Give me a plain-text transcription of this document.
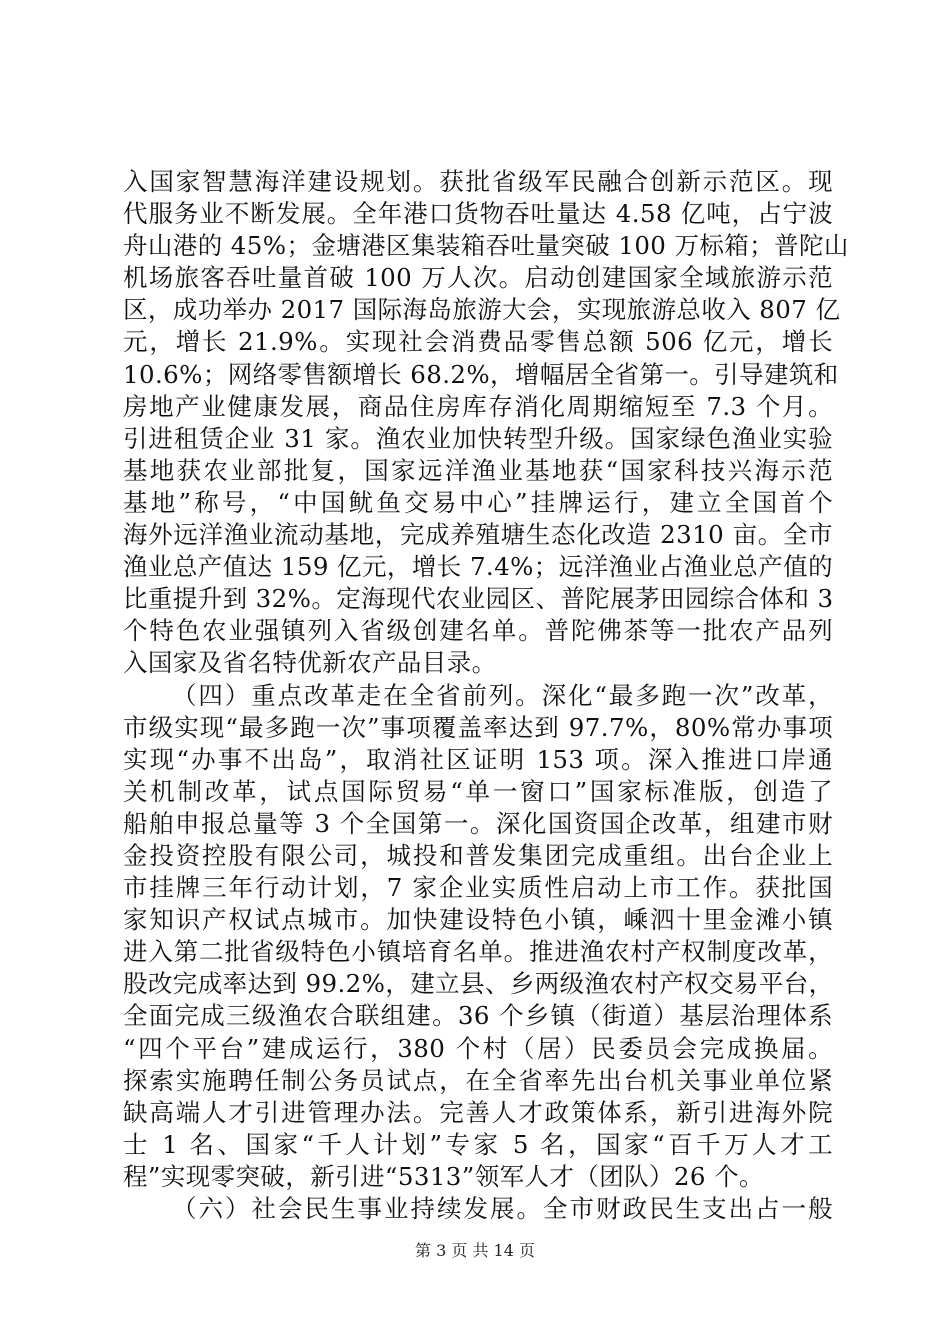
入国家智慧海洋建设规划。获批省级军民融合创新示范区。现
代服务业不断发展。全年港口货物吞吐量达 4.58 亿吨，占宁波
舟山港的 45%；金塘港区集装箱吞吐量突破 100 万标箱；普陀山
机场旅客吞吐量首破 100 万人次。启动创建国家全域旅游示范
区，成功举办 2017 国际海岛旅游大会，实现旅游总收入 807 亿
元，增长 21.9%。实现社会消费品零售总额 506 亿元，增长
10.6%；网络零售额增长 68.2%，增幅居全省第一。引导建筑和
房地产业健康发展，商品住房库存消化周期缩短至 7.3 个月。
引进租赁企业 31 家。渔农业加快转型升级。国家绿色渔业实验
基地获农业部批复，国家远洋渔业基地获“国家科技兴海示范
基地”称号，“中国鱿鱼交易中心”挂牌运行，建立全国首个
海外远洋渔业流动基地，完成养殖塘生态化改造 2310 亩。全市
渔业总产值达 159 亿元，增长 7.4%；远洋渔业占渔业总产值的
比重提升到 32%。定海现代农业园区、普陀展茅田园综合体和 3
个特色农业强镇列入省级创建名单。普陀佛茶等一批农产品列
入国家及省名特优新农产品目录。
（四）重点改革走在全省前列。深化“最多跑一次”改革，
市级实现“最多跑一次”事项覆盖率达到 97.7%，80%常办事项
实现“办事不出岛”，取消社区证明 153 项。深入推进口岸通
关机制改革，试点国际贸易“单一窗口”国家标准版，创造了
船舶申报总量等 3 个全国第一。深化国资国企改革，组建市财
金投资控股有限公司，城投和普发集团完成重组。出台企业上
市挂牌三年行动计划，7 家企业实质性启动上市工作。获批国
家知识产权试点城市。加快建设特色小镇，嵊泗十里金滩小镇
进入第二批省级特色小镇培育名单。推进渔农村产权制度改革，
股改完成率达到 99.2%，建立县、乡两级渔农村产权交易平台，
全面完成三级渔农合联组建。36 个乡镇（街道）基层治理体系
“四个平台”建成运行，380 个村（居）民委员会完成换届。
探索实施聘任制公务员试点，在全省率先出台机关事业单位紧
缺高端人才引进管理办法。完善人才政策体系，新引进海外院
士 1 名、国家“千人计划”专家 5 名，国家“百千万人才工
程”实现零突破，新引进“5313”领军人才（团队）26 个。
（六）社会民生事业持续发展。全市财政民生支出占一般
第 3 页 共 14 页
